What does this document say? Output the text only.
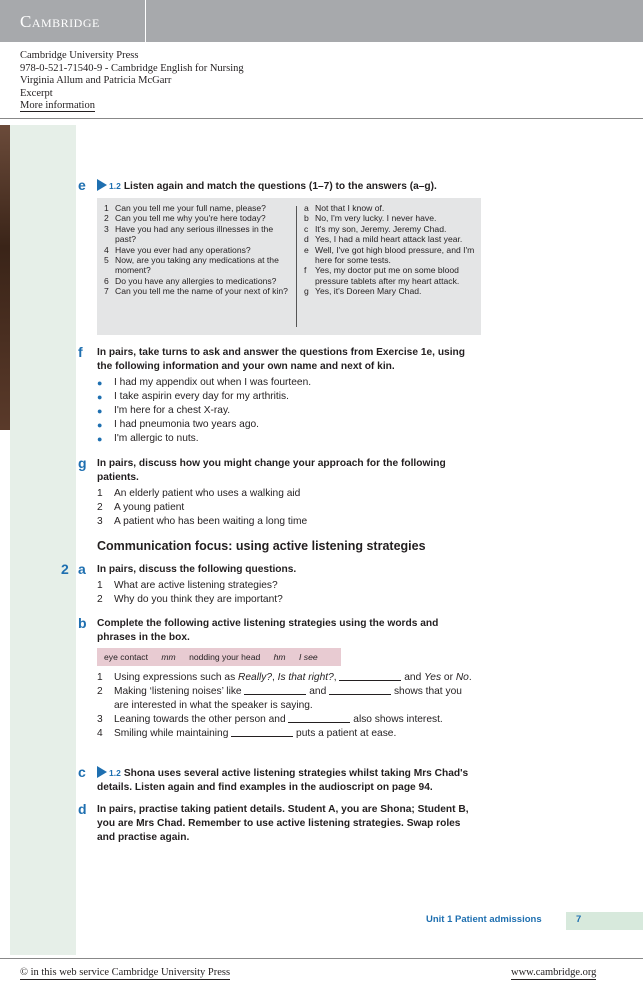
Cambridge
Cambridge University Press
978-0-521-71540-9 - Cambridge English for Nursing
Virginia Allum and Patricia McGarr
Excerpt
More information
e	1.2 Listen again and match the questions (1–7) to the answers (a–g).
1 Can you tell me your full name, please?
2 Can you tell me why you're here today?
3 Have you had any serious illnesses in the past?
4 Have you ever had any operations?
5 Now, are you taking any medications at the moment?
6 Do you have any allergies to medications?
7 Can you tell me the name of your next of kin?
a Not that I know of.
b No, I'm very lucky. I never have.
c It's my son, Jeremy. Jeremy Chad.
d Yes, I had a mild heart attack last year.
e Well, I've got high blood pressure, and I'm here for some tests.
f Yes, my doctor put me on some blood pressure tablets after my heart attack.
g Yes, it's Doreen Mary Chad.
f	In pairs, take turns to ask and answer the questions from Exercise 1e, using the following information and your own name and next of kin.
● I had my appendix out when I was fourteen.
● I take aspirin every day for my arthritis.
● I'm here for a chest X-ray.
● I had pneumonia two years ago.
● I'm allergic to nuts.
g	In pairs, discuss how you might change your approach for the following patients.
1 An elderly patient who uses a walking aid
2 A young patient
3 A patient who has been waiting a long time
Communication focus: using active listening strategies
2 a	In pairs, discuss the following questions.
1 What are active listening strategies?
2 Why do you think they are important?
b	Complete the following active listening strategies using the words and phrases in the box.
eye contact mm nodding your head hm I see
1 Using expressions such as Really?, Is that right?,	and Yes or No.
2 Making ‘listening noises’ like	and	shows that you are interested in what the speaker is saying.
3 Leaning towards the other person and	also shows interest.
4 Smiling while maintaining	puts a patient at ease.
c	1.2 Shona uses several active listening strategies whilst taking Mrs Chad's details. Listen again and find examples in the audioscript on page 94.
d	In pairs, practise taking patient details. Student A, you are Shona; Student B, you are Mrs Chad. Remember to use active listening strategies. Swap roles and practise again.
Unit 1 Patient admissions	7
© in this web service Cambridge University Press	www.cambridge.org
